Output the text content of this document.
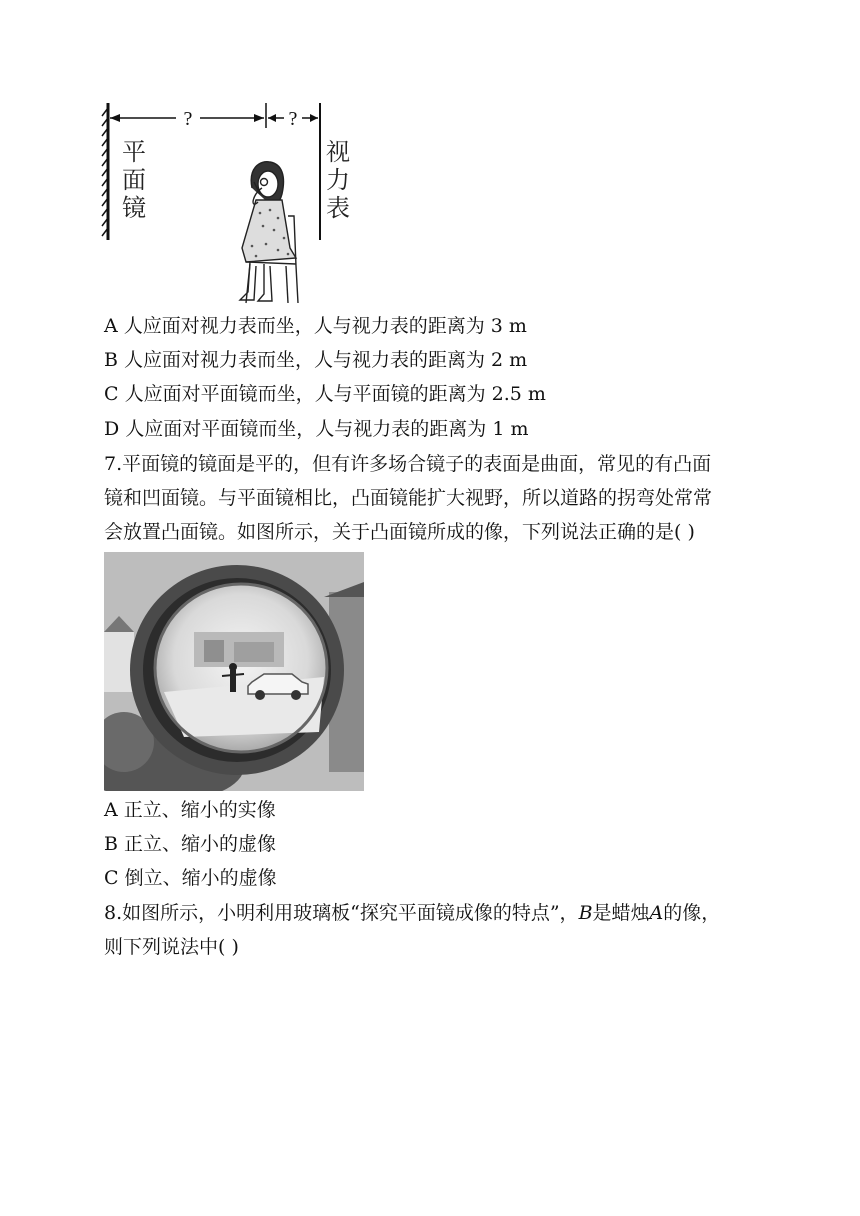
?	?
平
面
镜
视
力
表
A 人应面对视力表而坐，人与视力表的距离为 3 m
B 人应面对视力表而坐，人与视力表的距离为 2 m
C 人应面对平面镜而坐，人与平面镜的距离为 2.5 m
D 人应面对平面镜而坐，人与视力表的距离为 1 m
7.平面镜的镜面是平的，但有许多场合镜子的表面是曲面，常见的有凸面
镜和凹面镜。与平面镜相比，凸面镜能扩大视野，所以道路的拐弯处常常
会放置凸面镜。如图所示，关于凸面镜所成的像，下列说法正确的是( )
A 正立、缩小的实像
B 正立、缩小的虚像
C 倒立、缩小的虚像
8.如图所示，小明利用玻璃板“探究平面镜成像的特点”，B是蜡烛A的像，
则下列说法中( )
